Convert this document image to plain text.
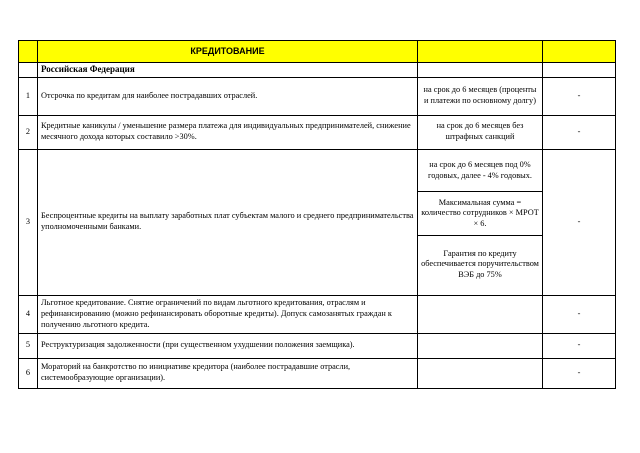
	КРЕДИТОВАНИЕ		
	Российская Федерация		
1	Отсрочка по кредитам для наиболее пострадавших отраслей.	на срок до 6 месяцев (проценты и платежи по основному долгу)	-
2	Кредитные каникулы / уменьшение размера платежа для индивидуальных предпринимателей, снижение месячного дохода которых составило >30%.	на срок до 6 месяцев без штрафных санкций	-
3	Беспроцентные кредиты на выплату заработных плат субъектам малого и среднего предпринимательства уполномоченными банками.	на срок до 6 месяцев под 0% годовых, далее - 4% годовых.
Максимальная сумма = количество сотрудников × МРОТ × 6.
Гарантия по кредиту обеспечивается поручительством ВЭБ до 75%	-
4	Льготное кредитование. Снятие ограничений по видам льготного кредитования, отраслям и рефинансированию (можно рефинансировать оборотные кредиты). Допуск самозанятых граждан к получению льготного кредита.		-
5	Реструктуризация задолженности (при существенном ухудшении положения заемщика).		-
6	Мораторий на банкротство по инициативе кредитора (наиболее пострадавшие отрасли, системообразующие организации).		-
